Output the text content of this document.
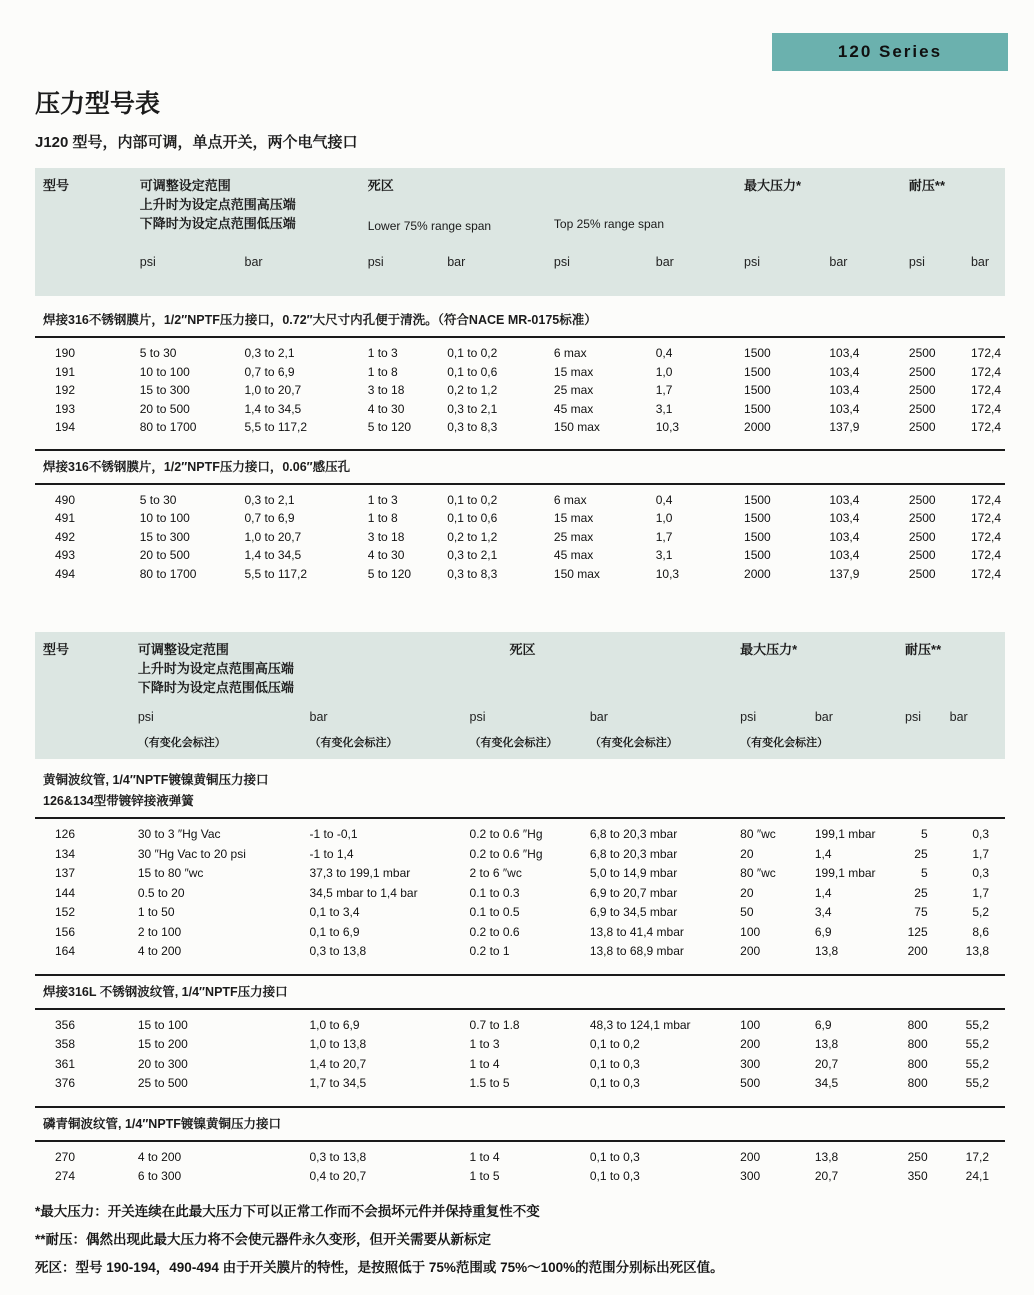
120 Series
压力型号表
J120 型号，内部可调，单点开关，两个电气接口
型号	可调整设定范围
上升时为设定点范围高压端
下降时为设定点范围低压端

死区
Lower 75% range span	Top 25% range span
	最大压力*	耐压**
	psi	bar	psi	bar	psi	bar	psi	bar	psi	bar
焊接316不锈钢膜片，1/2″NPTF压力接口，0.72″大尺寸内孔便于清洗。（符合NACE MR-0175标准）
190	5 to 30	0,3 to 2,1	1 to 3	0,1 to 0,2	6 max	0,4	1500	103,4	2500	172,4
191	10 to 100	0,7 to 6,9	1 to 8	0,1 to 0,6	15 max	1,0	1500	103,4	2500	172,4
192	15 to 300	1,0 to 20,7	3 to 18	0,2 to 1,2	25 max	1,7	1500	103,4	2500	172,4
193	20 to 500	1,4 to 34,5	4 to 30	0,3 to 2,1	45 max	3,1	1500	103,4	2500	172,4
194	80 to 1700	5,5 to 117,2	5 to 120	0,3 to 8,3	150 max	10,3	2000	137,9	2500	172,4
焊接316不锈钢膜片，1/2″NPTF压力接口，0.06″感压孔
490	5 to 30	0,3 to 2,1	1 to 3	0,1 to 0,2	6 max	0,4	1500	103,4	2500	172,4
491	10 to 100	0,7 to 6,9	1 to 8	0,1 to 0,6	15 max	1,0	1500	103,4	2500	172,4
492	15 to 300	1,0 to 20,7	3 to 18	0,2 to 1,2	25 max	1,7	1500	103,4	2500	172,4
493	20 to 500	1,4 to 34,5	4 to 30	0,3 to 2,1	45 max	3,1	1500	103,4	2500	172,4
494	80 to 1700	5,5 to 117,2	5 to 120	0,3 to 8,3	150 max	10,3	2000	137,9	2500	172,4
型号	可调整设定范围
上升时为设定点范围高压端
下降时为设定点范围低压端		死区		最大压力*		耐压**	
	psi	bar	psi	bar	psi	bar	psi	bar
	（有变化会标注）	（有变化会标注）	（有变化会标注）	（有变化会标注）	（有变化会标注）			
黄铜波纹管, 1/4″NPTF镀镍黄铜压力接口
126&134型带镀锌接液弹簧
126	30 to 3 ″Hg Vac	-1 to -0,1	0.2 to 0.6 ″Hg	6,8 to 20,3 mbar	80 ″wc	199,1 mbar	5	0,3
134	30 ″Hg Vac to 20 psi	-1 to 1,4	0.2 to 0.6 ″Hg	6,8 to 20,3 mbar	20	1,4	25	1,7
137	15 to 80 ″wc	37,3 to 199,1 mbar	2 to 6 ″wc	5,0 to 14,9 mbar	80 ″wc	199,1 mbar	5	0,3
144	0.5 to 20	34,5 mbar to 1,4 bar	0.1 to 0.3	6,9 to 20,7 mbar	20	1,4	25	1,7
152	1 to 50	0,1 to 3,4	0.1 to 0.5	6,9 to 34,5 mbar	50	3,4	75	5,2
156	2 to 100	0,1 to 6,9	0.2 to 0.6	13,8 to 41,4 mbar	100	6,9	125	8,6
164	4 to 200	0,3 to 13,8	0.2 to 1	13,8 to 68,9 mbar	200	13,8	200	13,8
焊接316L 不锈钢波纹管, 1/4″NPTF压力接口
356	15 to 100	1,0 to 6,9	0.7 to 1.8	48,3 to 124,1 mbar	100	6,9	800	55,2
358	15 to 200	1,0 to 13,8	1 to 3	0,1 to 0,2	200	13,8	800	55,2
361	20 to 300	1,4 to 20,7	1 to 4	0,1 to 0,3	300	20,7	800	55,2
376	25 to 500	1,7 to 34,5	1.5 to 5	0,1 to 0,3	500	34,5	800	55,2
磷青铜波纹管, 1/4″NPTF镀镍黄铜压力接口
270	4 to 200	0,3 to 13,8	1 to 4	0,1 to 0,3	200	13,8	250	17,2
274	6 to 300	0,4 to 20,7	1 to 5	0,1 to 0,3	300	20,7	350	24,1
*最大压力：开关连续在此最大压力下可以正常工作而不会损坏元件并保持重复性不变
**耐压：偶然出现此最大压力将不会使元器件永久变形，但开关需要从新标定
死区：型号 190-194，490-494 由于开关膜片的特性，是按照低于 75%范围或 75%～100%的范围分别标出死区值。
